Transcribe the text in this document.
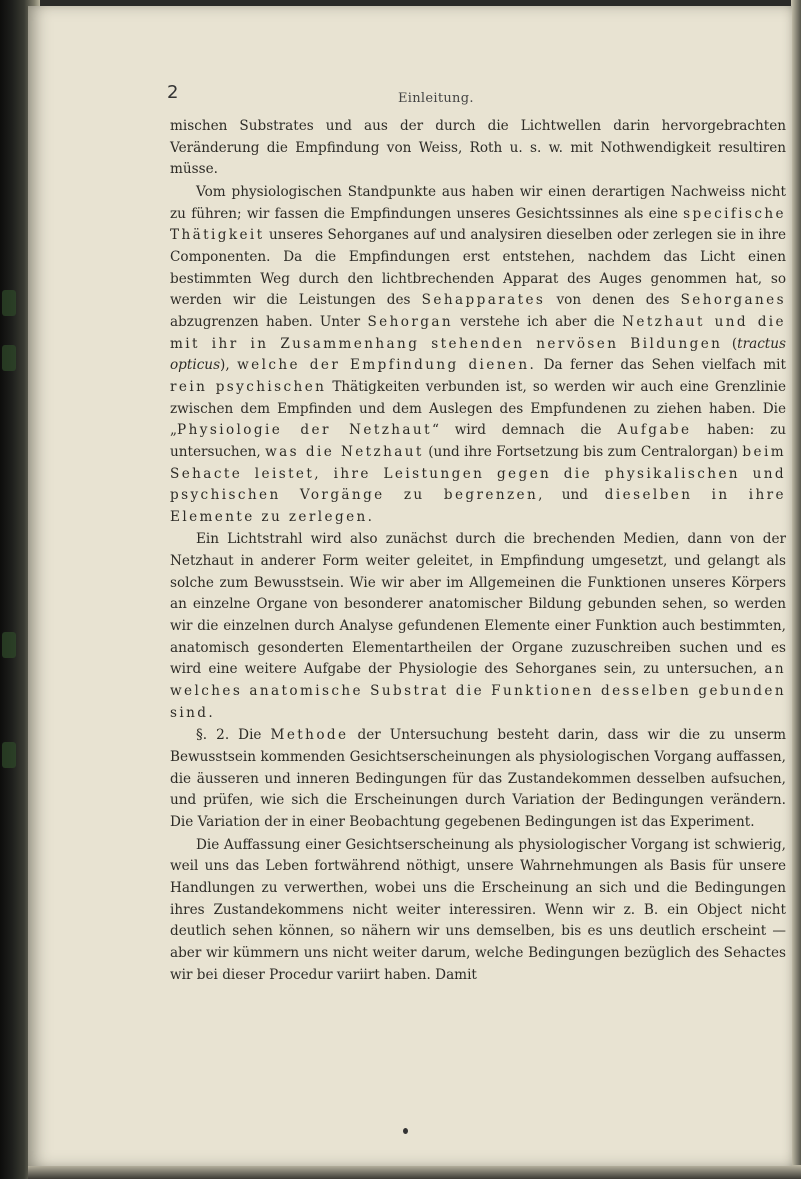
2	Einleitung.

mischen Substrates und aus der durch die Lichtwellen darin hervorgebrachten Veränderung die Empfindung von Weiss, Roth u. s. w. mit Nothwendigkeit resultiren müsse.

Vom physiologischen Standpunkte aus haben wir einen derartigen Nachweiss nicht zu führen; wir fassen die Empfindungen unseres Gesichtssinnes als eine specifische Thätigkeit unseres Sehorganes auf und analysiren dieselben oder zerlegen sie in ihre Componenten. Da die Empfindungen erst entstehen, nachdem das Licht einen bestimmten Weg durch den lichtbrechenden Apparat des Auges genommen hat, so werden wir die Leistungen des Sehapparates von denen des Sehorganes abzugrenzen haben. Unter Sehorgan verstehe ich aber die Netzhaut und die mit ihr in Zusammenhang stehenden nervösen Bildungen (tractus opticus), welche der Empfindung dienen. Da ferner das Sehen vielfach mit rein psychischen Thätigkeiten verbunden ist, so werden wir auch eine Grenzlinie zwischen dem Empfinden und dem Auslegen des Empfundenen zu ziehen haben. Die „Physiologie der Netzhaut“ wird demnach die Aufgabe haben: zu untersuchen, was die Netzhaut (und ihre Fortsetzung bis zum Centralorgan) beim Sehacte leistet, ihre Leistungen gegen die physikalischen und psychischen Vorgänge zu begrenzen, und dieselben in ihre Elemente zu zerlegen.

Ein Lichtstrahl wird also zunächst durch die brechenden Medien, dann von der Netzhaut in anderer Form weiter geleitet, in Empfindung umgesetzt, und gelangt als solche zum Bewusstsein. Wie wir aber im Allgemeinen die Funktionen unseres Körpers an einzelne Organe von besonderer anatomischer Bildung gebunden sehen, so werden wir die einzelnen durch Analyse gefundenen Elemente einer Funktion auch bestimmten, anatomisch gesonderten Elementartheilen der Organe zuzuschreiben suchen und es wird eine weitere Aufgabe der Physiologie des Sehorganes sein, zu untersuchen, an welches anatomische Substrat die Funktionen desselben gebunden sind.

§. 2. Die Methode der Untersuchung besteht darin, dass wir die zu unserm Bewusstsein kommenden Gesichtserscheinungen als physiologischen Vorgang auffassen, die äusseren und inneren Bedingungen für das Zustandekommen desselben aufsuchen, und prüfen, wie sich die Erscheinungen durch Variation der Bedingungen verändern. Die Variation der in einer Beobachtung gegebenen Bedingungen ist das Experiment.

Die Auffassung einer Gesichtserscheinung als physiologischer Vorgang ist schwierig, weil uns das Leben fortwährend nöthigt, unsere Wahrnehmungen als Basis für unsere Handlungen zu verwerthen, wobei uns die Erscheinung an sich und die Bedingungen ihres Zustandekommens nicht weiter interessiren. Wenn wir z. B. ein Object nicht deutlich sehen können, so nähern wir uns demselben, bis es uns deutlich erscheint — aber wir kümmern uns nicht weiter darum, welche Bedingungen bezüglich des Sehactes wir bei dieser Procedur variirt haben. Damit
